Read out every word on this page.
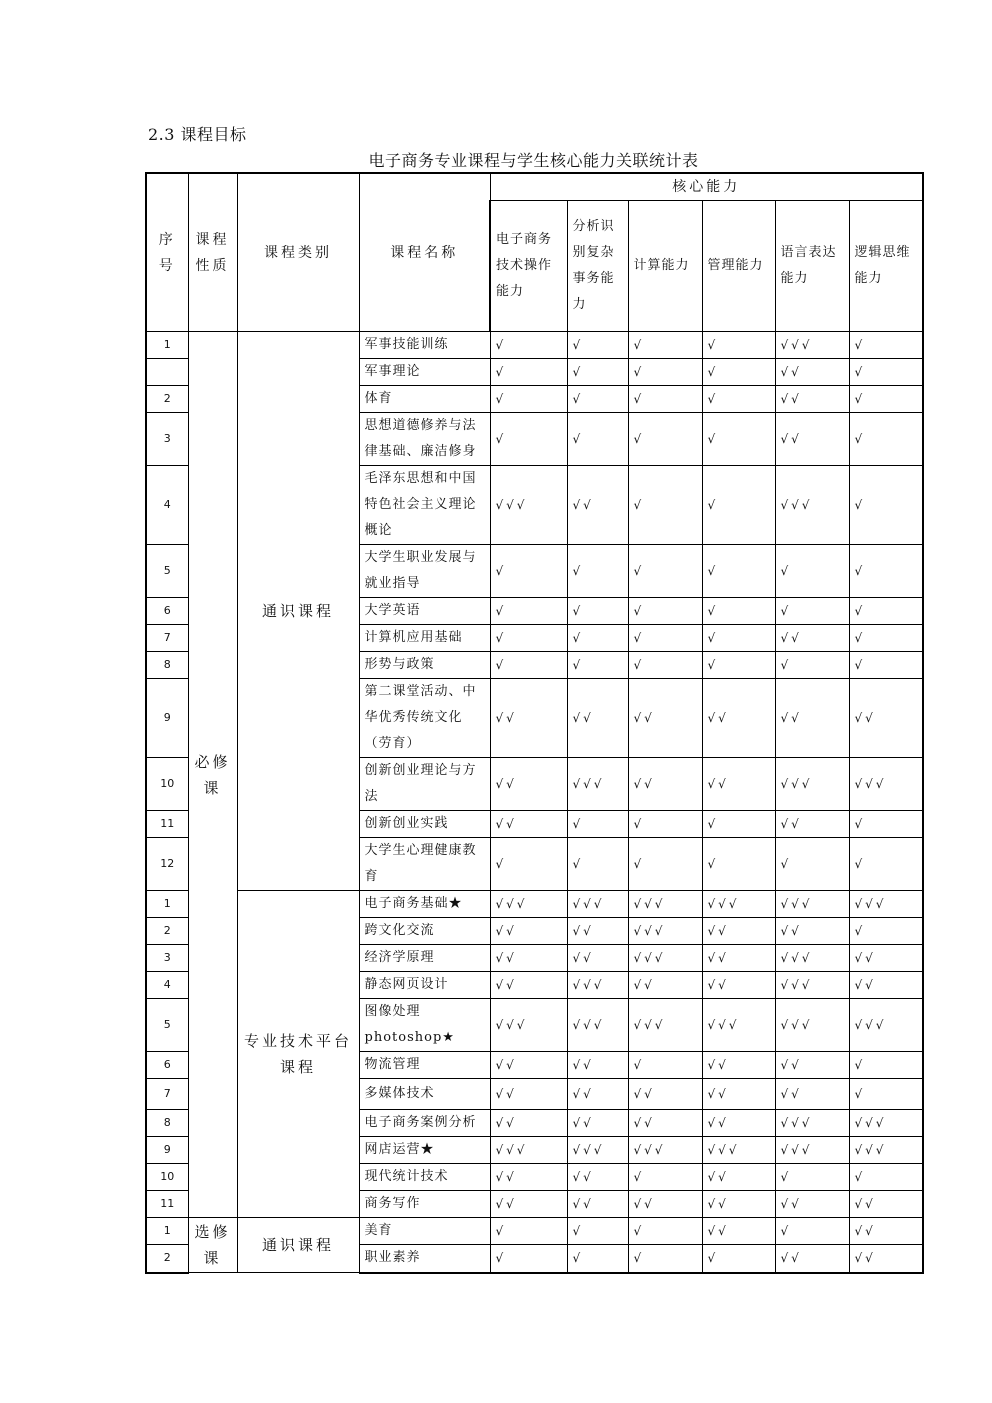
2.3 课程目标
电子商务专业课程与学生核心能力关联统计表
序号	课程性质	课程类别	课程名称	核心能力					
				电子商务技术操作能力	分析识别复杂事务能力	计算能力	管理能力	语言表达能力	逻辑思维能力
1	必修课	通识课程	军事技能训练	√	√	√	√	√√√	√
			军事理论	√	√	√	√	√√	√
2			体育	√	√	√	√	√√	√
3			思想道德修养与法律基础、廉洁修身	√	√	√	√	√√	√
4			毛泽东思想和中国特色社会主义理论概论	√√√	√√	√	√	√√√	√
5			大学生职业发展与就业指导	√	√	√	√	√	√
6			大学英语	√	√	√	√	√	√
7			计算机应用基础	√	√	√	√	√√	√
8			形势与政策	√	√	√	√	√	√
9			第二课堂活动、中华优秀传统文化（劳育）	√√	√√	√√	√√	√√	√√
10			创新创业理论与方法	√√	√√√	√√	√√	√√√	√√√
11			创新创业实践	√√	√	√	√	√√	√
12			大学生心理健康教育	√	√	√	√	√	√
1		专业技术平台课程	电子商务基础★	√√√	√√√	√√√	√√√	√√√	√√√
2			跨文化交流	√√	√√	√√√	√√	√√	√
3			经济学原理	√√	√√	√√√	√√	√√√	√√
4			静态网页设计	√√	√√√	√√	√√	√√√	√√
5			图像处理photoshop★	√√√	√√√	√√√	√√√	√√√	√√√
6			物流管理	√√	√√	√	√√	√√	√
7			多媒体技术	√√	√√	√√	√√	√√	√
8			电子商务案例分析	√√	√√	√√	√√	√√√	√√√
9			网店运营★	√√√	√√√	√√√	√√√	√√√	√√√
10			现代统计技术	√√	√√	√	√√	√	√
11			商务写作	√√	√√	√√	√√	√√	√√
1	选修课	通识课程	美育	√	√	√	√√	√	√√
2			职业素养	√	√	√	√	√√	√√
